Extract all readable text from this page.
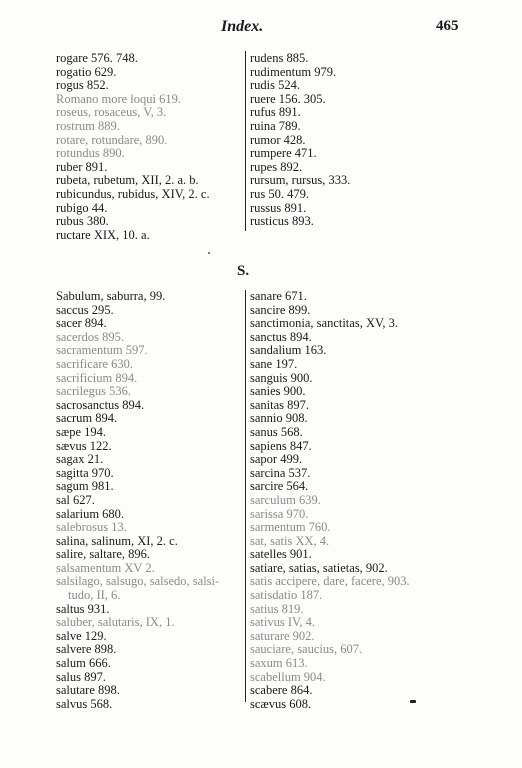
Index.	465
rogare 576. 748.
rogatio 629.
rogus 852.
Romano more loqui 619.
roseus, rosaceus, V, 3.
rostrum 889.
rotare, rotundare, 890.
rotundus 890.
ruber 891.
rubeta, rubetum, XII, 2. a. b.
rubicundus, rubidus, XIV, 2. c.
rubigo 44.
rubus 380.
ructare XIX, 10. a.
rudens 885.
rudimentum 979.
rudis 524.
ruere 156. 305.
rufus 891.
ruina 789.
rumor 428.
rumpere 471.
rupes 892.
rursum, rursus, 333.
rus 50. 479.
russus 891.
rusticus 893.
S.
Sabulum, saburra, 99.
saccus 295.
sacer 894.
sacerdos 895.
sacramentum 597.
sacrificare 630.
sacrificium 894.
sacrilegus 536.
sacrosanctus 894.
sacrum 894.
sæpe 194.
sævus 122.
sagax 21.
sagitta 970.
sagum 981.
sal 627.
salarium 680.
salebrosus 13.
salina, salinum, XI, 2. c.
salire, saltare, 896.
salsamentum XV 2.
salsilago, salsugo, salsedo, salsi-
tudo, II, 6.
saltus 931.
saluber, salutaris, IX, 1.
salve 129.
salvere 898.
salum 666.
salus 897.
salutare 898.
salvus 568.
sanare 671.
sancire 899.
sanctimonia, sanctitas, XV, 3.
sanctus 894.
sandalium 163.
sane 197.
sanguis 900.
sanies 900.
sanitas 897.
sannio 908.
sanus 568.
sapiens 847.
sapor 499.
sarcina 537.
sarcire 564.
sarculum 639.
sarissa 970.
sarmentum 760.
sat, satis XX, 4.
satelles 901.
satiare, satias, satietas, 902.
satis accipere, dare, facere, 903.
satisdatio 187.
satius 819.
sativus IV, 4.
saturare 902.
sauciare, saucius, 607.
saxum 613.
scabellum 904.
scabere 864.
scævus 608.
